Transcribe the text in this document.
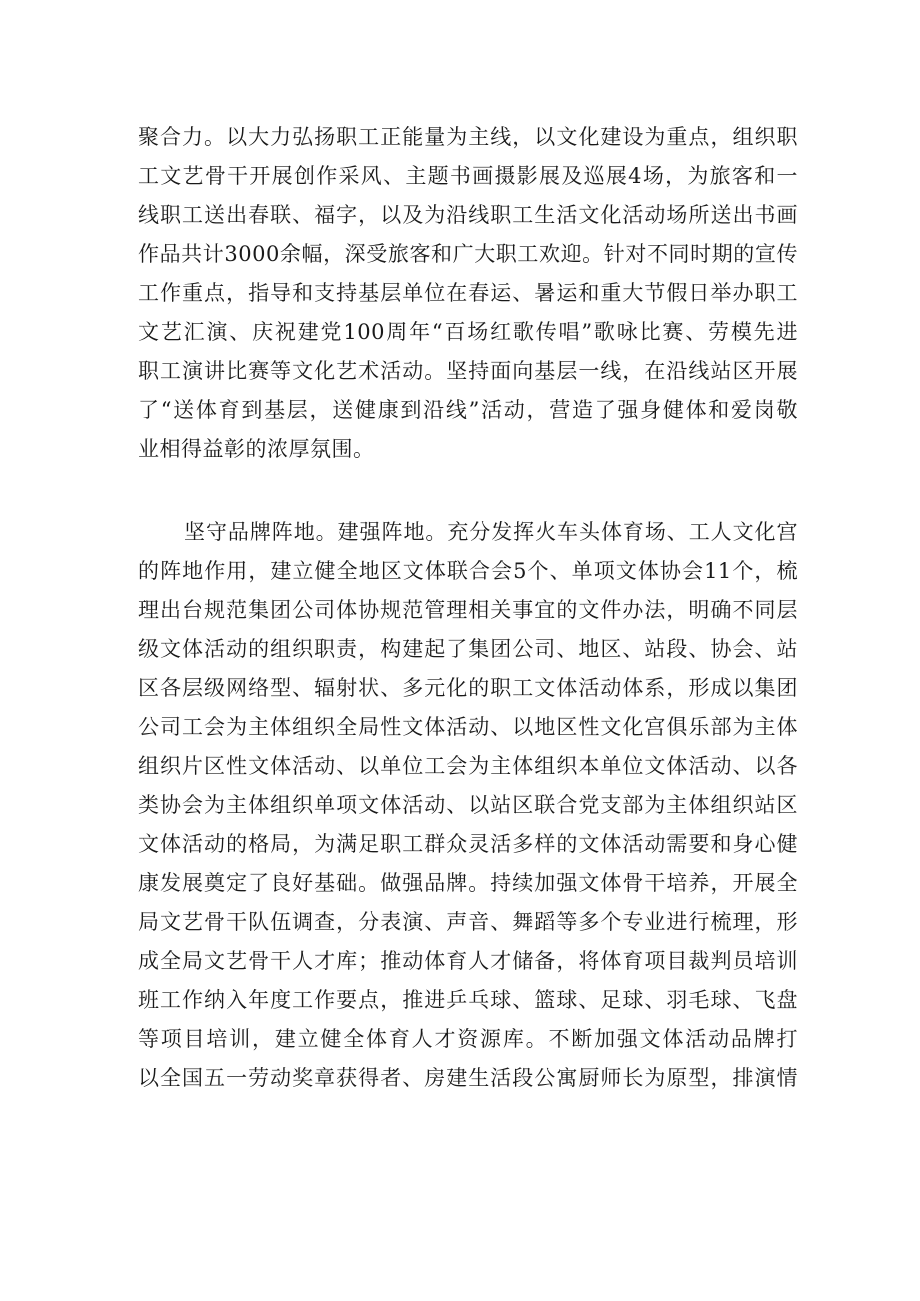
聚合力。以大力弘扬职工正能量为主线，以文化建设为重点，组织职
工文艺骨干开展创作采风、主题书画摄影展及巡展4场，为旅客和一
线职工送出春联、福字，以及为沿线职工生活文化活动场所送出书画
作品共计3000余幅，深受旅客和广大职工欢迎。针对不同时期的宣传
工作重点，指导和支持基层单位在春运、暑运和重大节假日举办职工
文艺汇演、庆祝建党100周年“百场红歌传唱”歌咏比赛、劳模先进
职工演讲比赛等文化艺术活动。坚持面向基层一线，在沿线站区开展
了“送体育到基层，送健康到沿线”活动，营造了强身健体和爱岗敬
业相得益彰的浓厚氛围。
坚守品牌阵地。建强阵地。充分发挥火车头体育场、工人文化宫
的阵地作用，建立健全地区文体联合会5个、单项文体协会11个，梳
理出台规范集团公司体协规范管理相关事宜的文件办法，明确不同层
级文体活动的组织职责，构建起了集团公司、地区、站段、协会、站
区各层级网络型、辐射状、多元化的职工文体活动体系，形成以集团
公司工会为主体组织全局性文体活动、以地区性文化宫俱乐部为主体
组织片区性文体活动、以单位工会为主体组织本单位文体活动、以各
类协会为主体组织单项文体活动、以站区联合党支部为主体组织站区
文体活动的格局，为满足职工群众灵活多样的文体活动需要和身心健
康发展奠定了良好基础。做强品牌。持续加强文体骨干培养，开展全
局文艺骨干队伍调查，分表演、声音、舞蹈等多个专业进行梳理，形
成全局文艺骨干人才库；推动体育人才储备，将体育项目裁判员培训
班工作纳入年度工作要点，推进乒乓球、篮球、足球、羽毛球、飞盘
等项目培训，建立健全体育人才资源库。不断加强文体活动品牌打
以全国五一劳动奖章获得者、房建生活段公寓厨师长为原型，排演情
